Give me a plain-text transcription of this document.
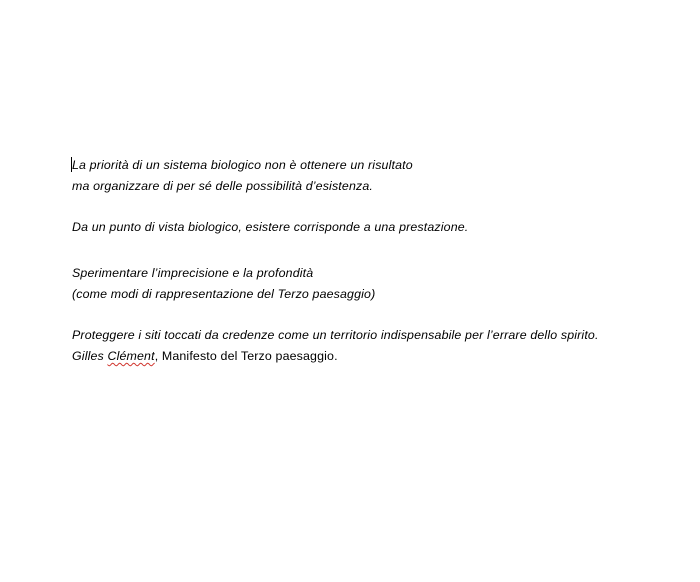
La priorità di un sistema biologico non è ottenere un risultato
ma organizzare di per sé delle possibilità d’esistenza.
Da un punto di vista biologico, esistere corrisponde a una prestazione.
Sperimentare l’imprecisione e la profondità
(come modi di rappresentazione del Terzo paesaggio)
Proteggere i siti toccati da credenze come un territorio indispensabile per l’errare dello spirito.
Gilles Clément, Manifesto del Terzo paesaggio.
